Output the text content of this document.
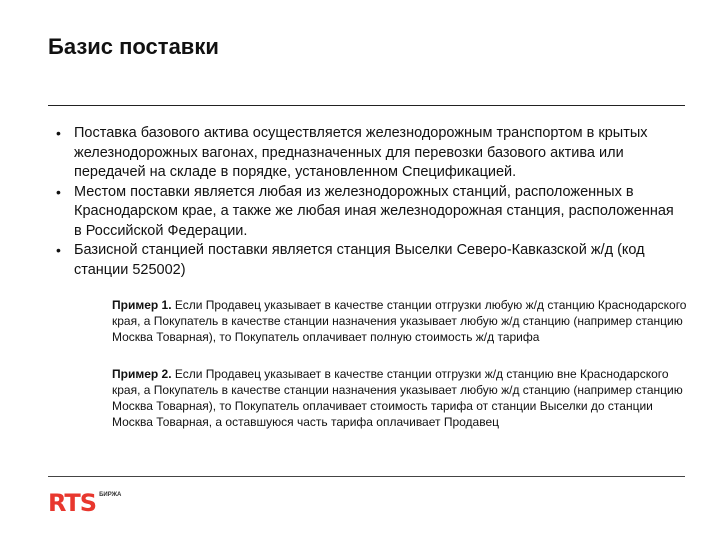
Базис поставки
• Поставка базового актива осуществляется железнодорожным транспортом в крытых железнодорожных вагонах, предназначенных для перевозки базового актива или передачей на складе в порядке, установленном Спецификацией.
• Местом поставки является любая из железнодорожных станций, расположенных в Краснодарском крае, а также же любая иная железнодорожная станция, расположенная в Российской Федерации.
• Базисной станцией поставки является станция Выселки Северо-Кавказской ж/д (код станции 525002)

Пример 1. Если Продавец указывает в качестве станции отгрузки любую ж/д станцию Краснодарского края, а Покупатель в качестве станции назначения указывает любую ж/д станцию (например станцию Москва Товарная), то Покупатель оплачивает полную стоимость ж/д тарифа

Пример 2. Если Продавец указывает в качестве станции отгрузки ж/д станцию вне Краснодарского края, а Покупатель в качестве станции назначения указывает любую ж/д станцию (например станцию Москва Товарная), то Покупатель оплачивает стоимость тарифа от станции Выселки до станции Москва Товарная, а оставшуюся часть тарифа оплачивает Продавец

RTS БИРЖА
